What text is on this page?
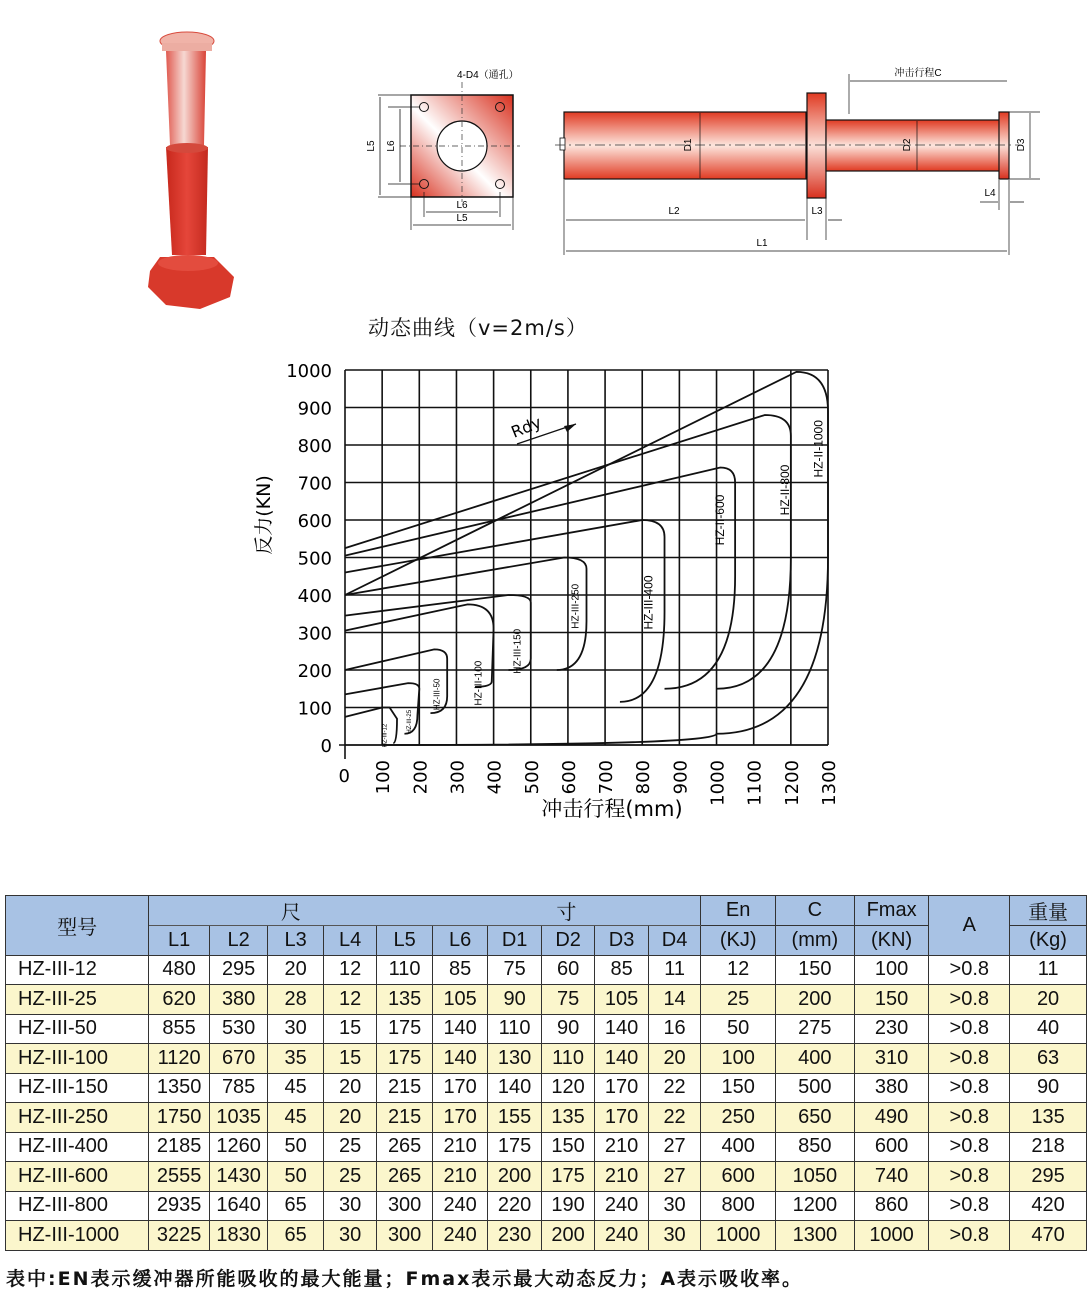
4-D4（通孔）
L5 L6
L6
L5
冲击行程C
D1	D2	D3
L2	L3
L4
L1
动态曲线（v=2m/s）
0
100
200
300
400
500
600
700
800
900
1000
0 100 200 300 400 500 600 700 800 900 1000 1100 1200 1300
HZ-III-12
HZ-III-25
HZ-III-50	HZ-III-100
HZ-III-150
HZ-III-250	HZ-III-400
HZ-II-600
HZ-II-800
HZ-II-1000
Rdy
反力(KN)
冲击行程(mm)
型号	尺					寸					En	C	Fmax	A	重量
	L1	L2	L3	L4	L5	L6	D1	D2	D3	D4	(KJ)	(mm)	(KN)		(Kg)
HZ-III-12	480	295	20	12	110	85	75	60	85	11	12	150	100	>0.8	11
HZ-III-25	620	380	28	12	135	105	90	75	105	14	25	200	150	>0.8	20
HZ-III-50	855	530	30	15	175	140	110	90	140	16	50	275	230	>0.8	40
HZ-III-100	1120	670	35	15	175	140	130	110	140	20	100	400	310	>0.8	63
HZ-III-150	1350	785	45	20	215	170	140	120	170	22	150	500	380	>0.8	90
HZ-III-250	1750	1035	45	20	215	170	155	135	170	22	250	650	490	>0.8	135
HZ-III-400	2185	1260	50	25	265	210	175	150	210	27	400	850	600	>0.8	218
HZ-III-600	2555	1430	50	25	265	210	200	175	210	27	600	1050	740	>0.8	295
HZ-III-800	2935	1640	65	30	300	240	220	190	240	30	800	1200	860	>0.8	420
HZ-III-1000	3225	1830	65	30	300	240	230	200	240	30	1000	1300	1000	>0.8	470
表中:EN表示缓冲器所能吸收的最大能量；Fmax表示最大动态反力；A表示吸收率。
